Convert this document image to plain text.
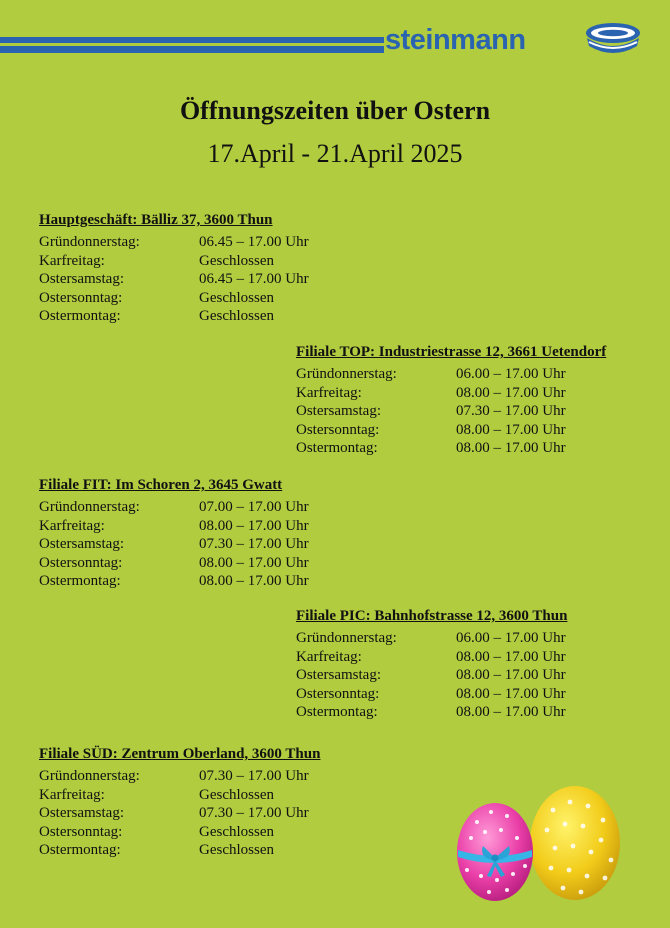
steinmann
Öffnungszeiten über Ostern
17.April - 21.April 2025
Hauptgeschäft: Bälliz 37, 3600 Thun
Gründonnerstag:	06.45 – 17.00 Uhr
Karfreitag:	Geschlossen
Ostersamstag:	06.45 – 17.00 Uhr
Ostersonntag:	Geschlossen
Ostermontag:	Geschlossen
Filiale TOP: Industriestrasse 12, 3661 Uetendorf
Gründonnerstag:	06.00 – 17.00 Uhr
Karfreitag:	08.00 – 17.00 Uhr
Ostersamstag:	07.30 – 17.00 Uhr
Ostersonntag:	08.00 – 17.00 Uhr
Ostermontag:	08.00 – 17.00 Uhr
Filiale FIT: Im Schoren 2, 3645 Gwatt
Gründonnerstag:	07.00 – 17.00 Uhr
Karfreitag:	08.00 – 17.00 Uhr
Ostersamstag:	07.30 – 17.00 Uhr
Ostersonntag:	08.00 – 17.00 Uhr
Ostermontag:	08.00 – 17.00 Uhr
Filiale PIC: Bahnhofstrasse 12, 3600 Thun
Gründonnerstag:	06.00 – 17.00 Uhr
Karfreitag:	08.00 – 17.00 Uhr
Ostersamstag:	08.00 – 17.00 Uhr
Ostersonntag:	08.00 – 17.00 Uhr
Ostermontag:	08.00 – 17.00 Uhr
Filiale SÜD: Zentrum Oberland, 3600 Thun
Gründonnerstag:	07.30 – 17.00 Uhr
Karfreitag:	Geschlossen
Ostersamstag:	07.30 – 17.00 Uhr
Ostersonntag:	Geschlossen
Ostermontag:	Geschlossen
